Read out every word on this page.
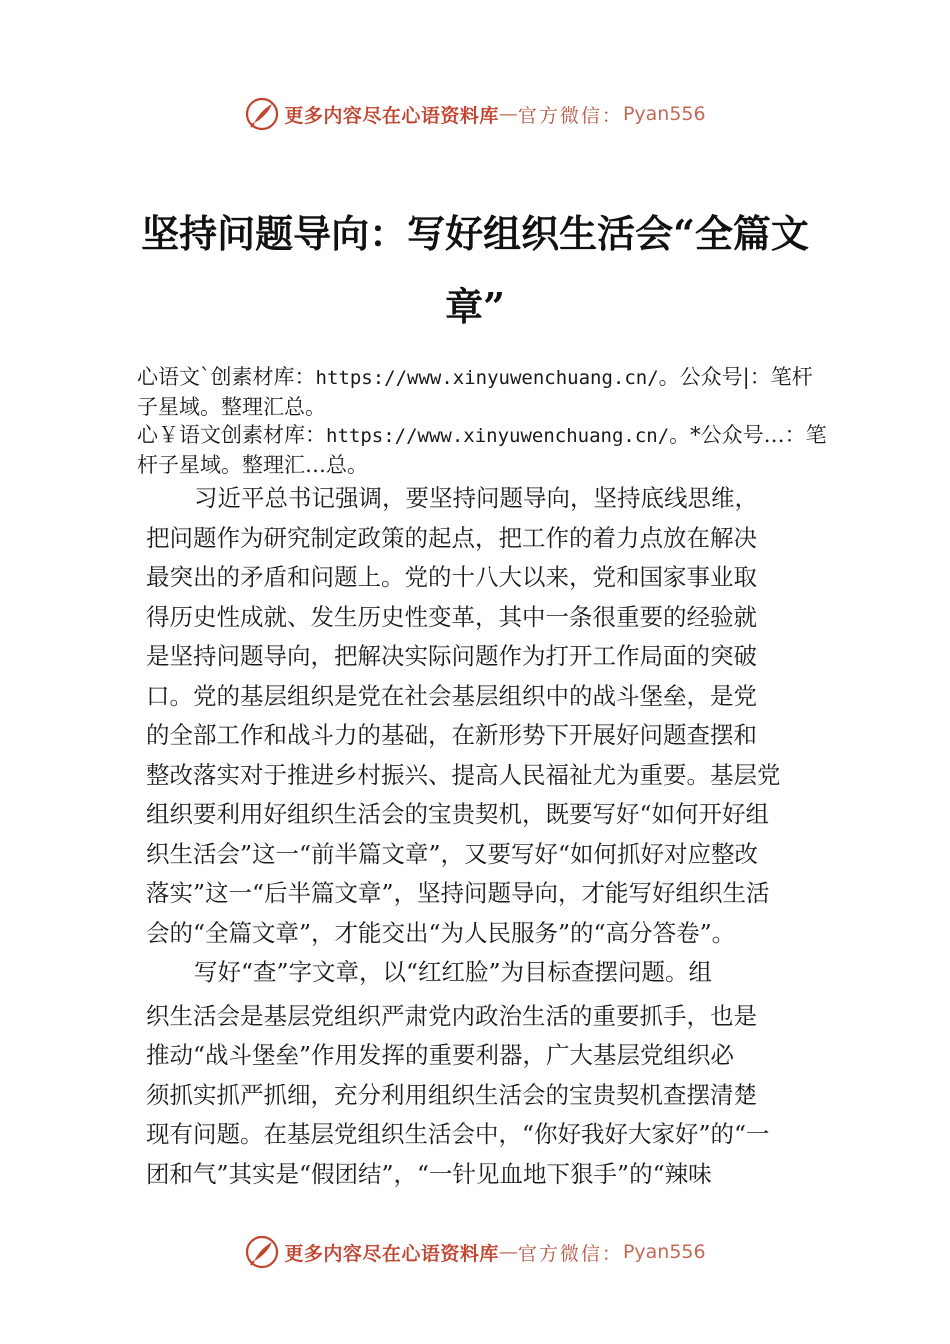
更多内容尽在心语资料库 — 官方微信： Pyan556
坚持问题导向：写好组织生活会“全篇文
章”

心语文`创素材库：https://www.xinyuwenchuang.cn/。公众号|：笔杆子星域。整理汇总。

心￥语文创素材库：https://www.xinyuwenchuang.cn/。*公众号…：笔杆子星域。整理汇…总。

习近平总书记强调，要坚持问题导向，坚持底线思维，

把问题作为研究制定政策的起点，把工作的着力点放在解决

最突出的矛盾和问题上。党的十八大以来，党和国家事业取

得历史性成就、发生历史性变革，其中一条很重要的经验就

是坚持问题导向，把解决实际问题作为打开工作局面的突破

口。党的基层组织是党在社会基层组织中的战斗堡垒，是党

的全部工作和战斗力的基础，在新形势下开展好问题查摆和

整改落实对于推进乡村振兴、提高人民福祉尤为重要。基层党

组织要利用好组织生活会的宝贵契机，既要写好“如何开好组

织生活会”这一“前半篇文章”，又要写好“如何抓好对应整改

落实”这一“后半篇文章”，坚持问题导向，才能写好组织生活

会的“全篇文章”，才能交出“为人民服务”的“高分答卷”。

写好“查”字文章，以“红红脸”为目标查摆问题。组

织生活会是基层党组织严肃党内政治生活的重要抓手，也是

推动“战斗堡垒”作用发挥的重要利器，广大基层党组织必

须抓实抓严抓细，充分利用组织生活会的宝贵契机查摆清楚

现有问题。在基层党组织生活会中，“你好我好大家好”的“一

团和气”其实是“假团结”，“一针见血地下狠手”的“辣味

更多内容尽在心语资料库 — 官方微信： Pyan556
